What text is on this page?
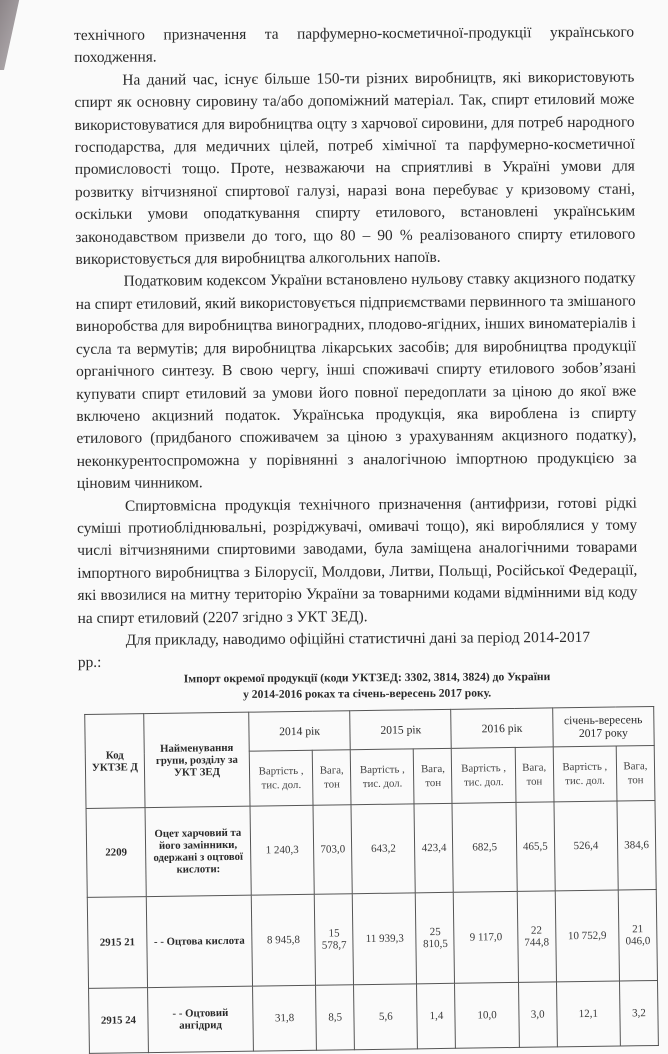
технічного призначення та парфумерно-косметичної-продукції українського походження.

На даний час, існує більше 150-ти різних виробництв, які використовують спирт як основну сировину та/або допоміжний матеріал. Так, спирт етиловий може використовуватися для виробництва оцту з харчової сировини, для потреб народного господарства, для медичних цілей, потреб хімічної та парфумерно-косметичної промисловості тощо. Проте, незважаючи на сприятливі в Україні умови для розвитку вітчизняної спиртової галузі, наразі вона перебуває у кризовому стані, оскільки умови оподаткування спирту етилового, встановлені українським законодавством призвели до того, що 80 – 90 % реалізованого спирту етилового використовується для виробництва алкогольних напоїв.

Податковим кодексом України встановлено нульову ставку акцизного податку на спирт етиловий, який використовується підприємствами первинного та змішаного виноробства для виробництва виноградних, плодово-ягідних, інших виноматеріалів і сусла та вермутів; для виробництва лікарських засобів; для виробництва продукції органічного синтезу. В свою чергу, інші споживачі спирту етилового зобов’язані купувати спирт етиловий за умови його повної передоплати за ціною до якої вже включено акцизний податок. Українська продукція, яка вироблена із спирту етилового (придбаного споживачем за ціною з урахуванням акцизного податку), неконкурентоспроможна у порівнянні з аналогічною імпортною продукцією за ціновим чинником.

Спиртовмісна продукція технічного призначення (антифризи, готові рідкі суміші протиобліднювальні, розріджувачі, омивачі тощо), які вироблялися у тому числі вітчизняними спиртовими заводами, була заміщена аналогічними товарами імпортного виробництва з Білорусії, Молдови, Литви, Польщі, Російської Федерації, які ввозилися на митну територію України за товарними кодами відмінними від коду на спирт етиловий (2207 згідно з УКТ ЗЕД).

Для прикладу, наводимо офіційні статистичні дані за період 2014-2017

рр.:

Імпорт окремої продукції (коди УКТЗЕД: 3302, 3814, 3824) до України
у 2014-2016 роках та січень-вересень 2017 року.
Код УКТЗЕ Д	Найменування групи, розділу за УКТ ЗЕД	2014 рік		2015 рік		2016 рік		січень-вересень 2017 року	
		Вартість , тис. дол.	Вага, тон	Вартість , тис. дол.	Вага, тон	Вартість , тис. дол.	Вага, тон	Вартість , тис. дол.	Вага, тон
2209	Оцет харчовий та його замінники, одержані з оцтової кислоти:	1 240,3	703,0	643,2	423,4	682,5	465,5	526,4	384,6
2915 21	- - Оцтова кислота	8 945,8	15 578,7	11 939,3	25 810,5	9 117,0	22 744,8	10 752,9	21 046,0
2915 24	- - Оцтовий ангідрид	31,8	8,5	5,6	1,4	10,0	3,0	12,1	3,2
